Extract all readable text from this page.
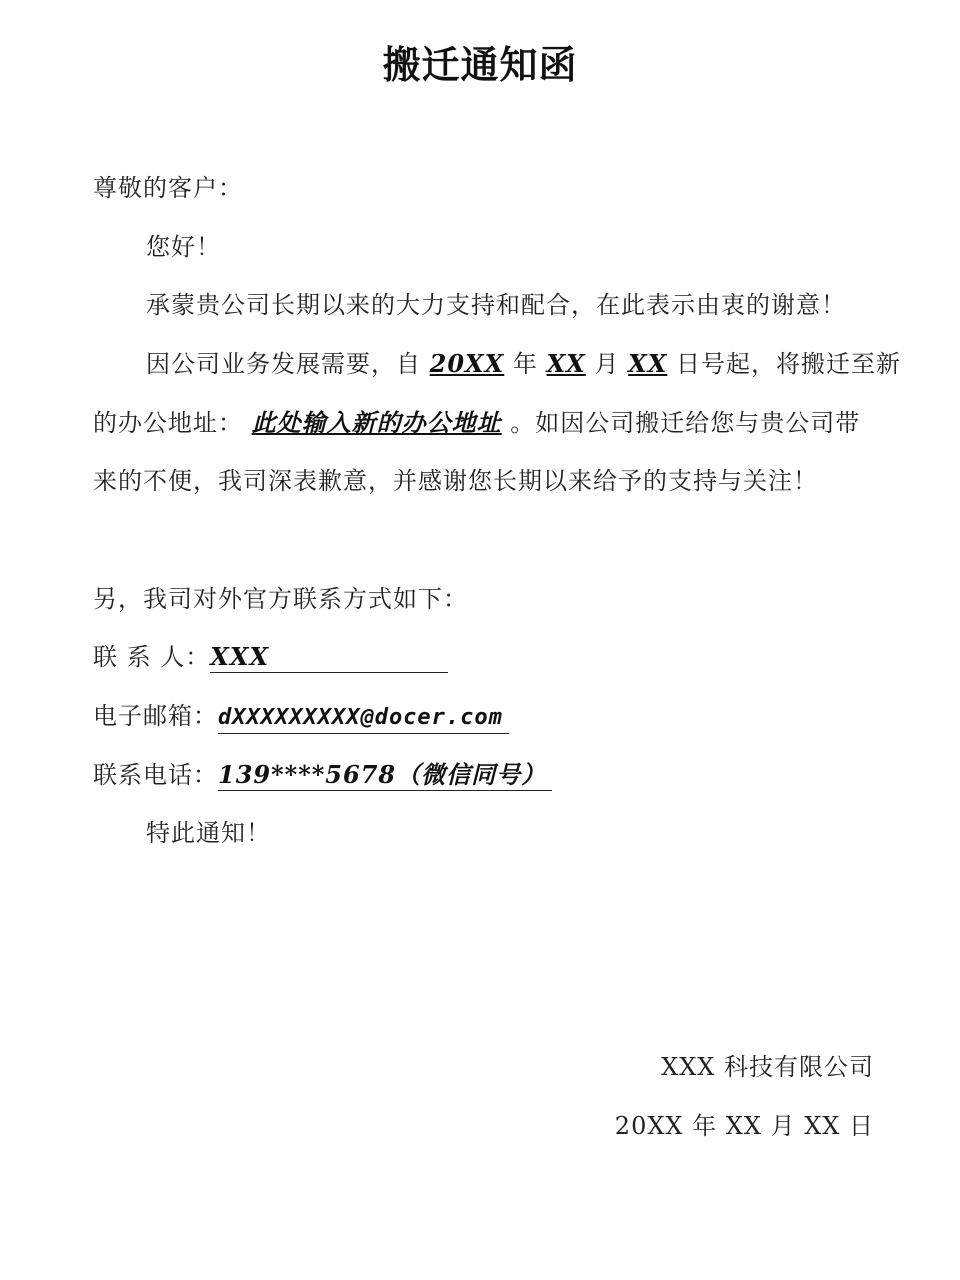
搬迁通知函
尊敬的客户：
您好！
承蒙贵公司长期以来的大力支持和配合，在此表示由衷的谢意！
因公司业务发展需要，自 20XX 年 XX 月 XX 日号起，将搬迁至新
的办公地址： 此处输入新的办公地址 。如因公司搬迁给您与贵公司带
来的不便，我司深表歉意，并感谢您长期以来给予的支持与关注！
另，我司对外官方联系方式如下：
联 系 人：XXX
电子邮箱：dXXXXXXXXX@docer.com
联系电话：139****5678（微信同号）
特此通知！
XXX 科技有限公司
20XX 年 XX 月 XX 日
